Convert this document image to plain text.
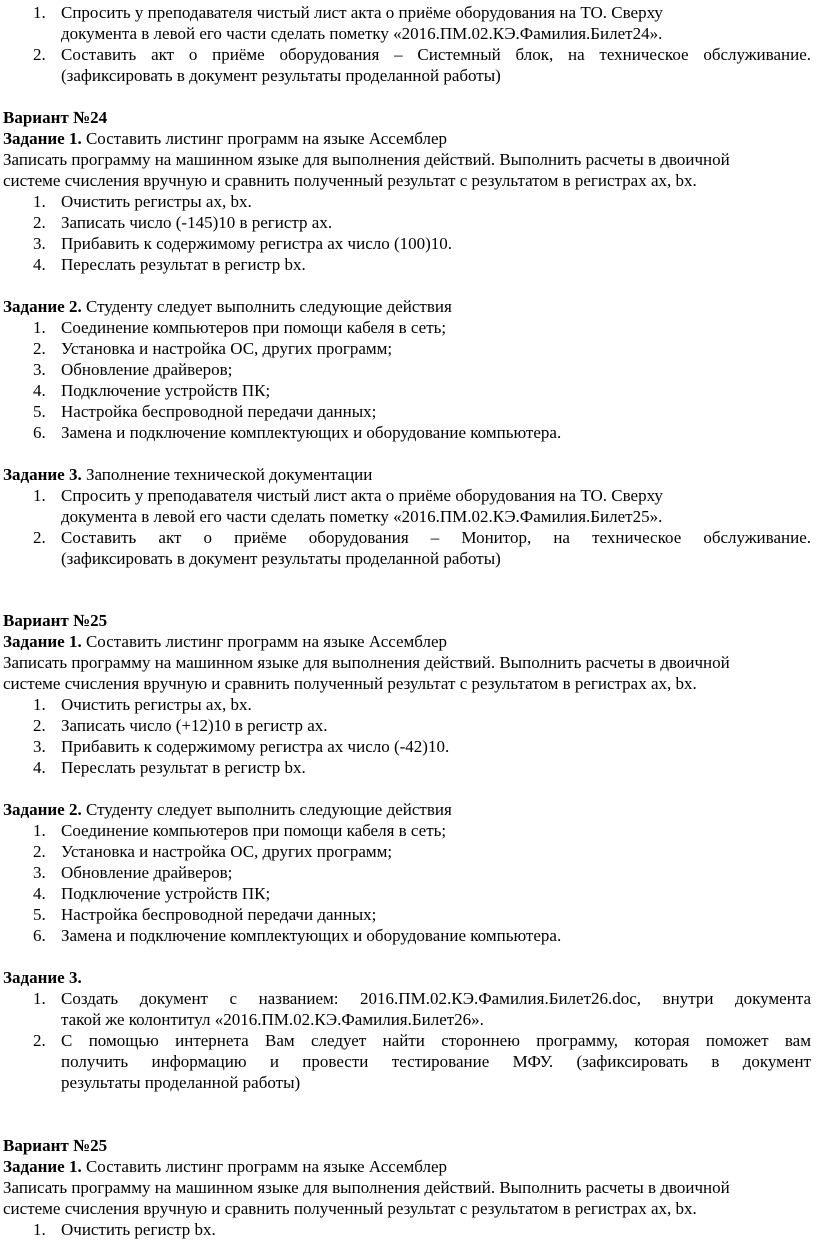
1. Спросить у преподавателя чистый лист акта о приёме оборудования на ТО. Сверху

документа в левой его части сделать пометку «2016.ПМ.02.КЭ.Фамилия.Билет24».

2. Составить акт о приёме оборудования – Системный блок, на техническое обслуживание.

(зафиксировать в документ результаты проделанной работы)

Вариант №24

Задание 1. Составить листинг программ на языке Ассемблер

Записать программу на машинном языке для выполнения действий. Выполнить расчеты в двоичной

системе счисления вручную и сравнить полученный результат с результатом в регистрах ax, bx.

1. Очистить регистры ax, bx.
2. Записать число (-145)10 в регистр ax.
3. Прибавить к содержимому регистра ax число (100)10.
4. Переслать результат в регистр bx.

Задание 2. Студенту следует выполнить следующие действия

1. Соединение компьютеров при помощи кабеля в сеть;
2. Установка и настройка ОС, других программ;
3. Обновление драйверов;
4. Подключение устройств ПК;
5. Настройка беспроводной передачи данных;
6. Замена и подключение комплектующих и оборудование компьютера.

Задание 3. Заполнение технической документации

1. Спросить у преподавателя чистый лист акта о приёме оборудования на ТО. Сверху

документа в левой его части сделать пометку «2016.ПМ.02.КЭ.Фамилия.Билет25».

2. Составить акт о приёме оборудования – Монитор, на техническое обслуживание.

(зафиксировать в документ результаты проделанной работы)

Вариант №25

Задание 1. Составить листинг программ на языке Ассемблер

Записать программу на машинном языке для выполнения действий. Выполнить расчеты в двоичной

системе счисления вручную и сравнить полученный результат с результатом в регистрах ax, bx.

1. Очистить регистры ax, bx.
2. Записать число (+12)10 в регистр ax.
3. Прибавить к содержимому регистра ax число (-42)10.
4. Переслать результат в регистр bx.

Задание 2. Студенту следует выполнить следующие действия

1. Соединение компьютеров при помощи кабеля в сеть;
2. Установка и настройка ОС, других программ;
3. Обновление драйверов;
4. Подключение устройств ПК;
5. Настройка беспроводной передачи данных;
6. Замена и подключение комплектующих и оборудование компьютера.

Задание 3.

1. Создать документ с названием: 2016.ПМ.02.КЭ.Фамилия.Билет26.doc, внутри документа

такой же колонтитул «2016.ПМ.02.КЭ.Фамилия.Билет26».

2. С помощью интернета Вам следует найти стороннею программу, которая поможет вам

получить информацию и провести тестирование МФУ. (зафиксировать в документ

результаты проделанной работы)

Вариант №25

Задание 1. Составить листинг программ на языке Ассемблер

Записать программу на машинном языке для выполнения действий. Выполнить расчеты в двоичной

системе счисления вручную и сравнить полученный результат с результатом в регистрах ax, bx.

1. Очистить регистр bx.
